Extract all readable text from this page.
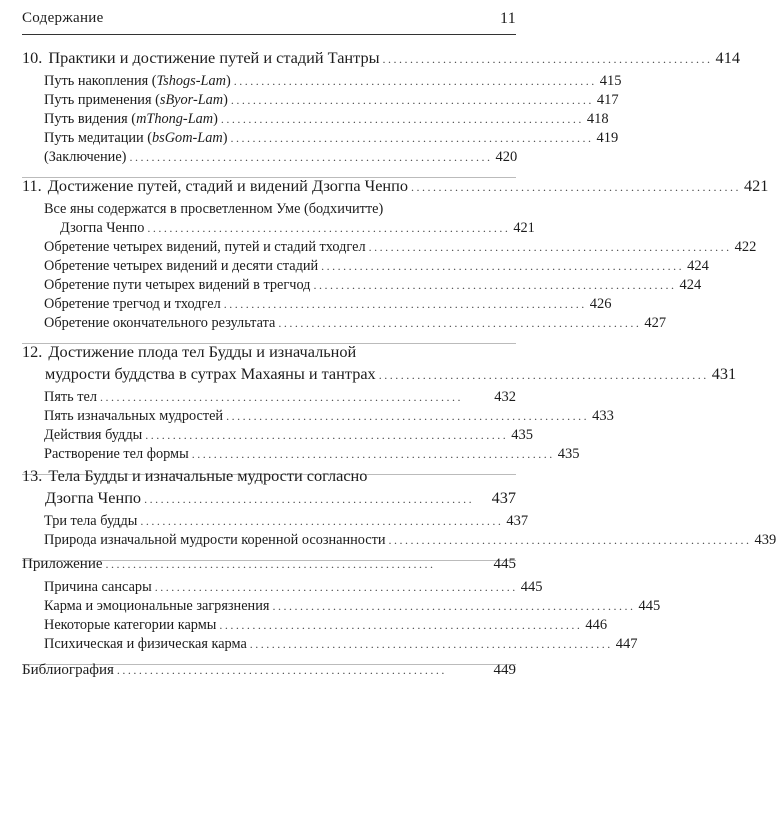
Содержание	11
10. Практики и достижение путей и стадий Тантры ............................................................ 414
Путь накопления (Tshogs-Lam) .................................................................. 415
Путь применения (sByor-Lam) .................................................................. 417
Путь видения (mThong-Lam) .................................................................. 418
Путь медитации (bsGom-Lam) .................................................................. 419
(Заключение) .................................................................. 420
11. Достижение путей, стадий и видений Дзогпа Ченпо ............................................................ 421
Все яны содержатся в просветленном Уме (бодхичитте)
Дзогпа Ченпо .................................................................. 421
Обретение четырех видений, путей и стадий тходгел .................................................................. 422
Обретение четырех видений и десяти стадий .................................................................. 424
Обретение пути четырех видений в трегчод .................................................................. 424
Обретение трегчод и тходгел .................................................................. 426
Обретение окончательного результата .................................................................. 427
12. Достижение плода тел Будды и изначальной
мудрости буддства в сутрах Махаяны и тантрах ............................................................ 431
Пять тел ..................................................................	432
Пять изначальных мудростей .................................................................. 433
Действия будды .................................................................. 435
Растворение тел формы .................................................................. 435
13. Тела Будды и изначальные мудрости согласно
Дзогпа Ченпо ............................................................	437
Три тела будды .................................................................. 437
Природа изначальной мудрости коренной осознанности .................................................................. 439
Приложение ............................................................	445
Причина сансары .................................................................. 445
Карма и эмоциональные загрязнения .................................................................. 445
Некоторые категории кармы .................................................................. 446
Психическая и физическая карма .................................................................. 447
Библиография ............................................................	449
